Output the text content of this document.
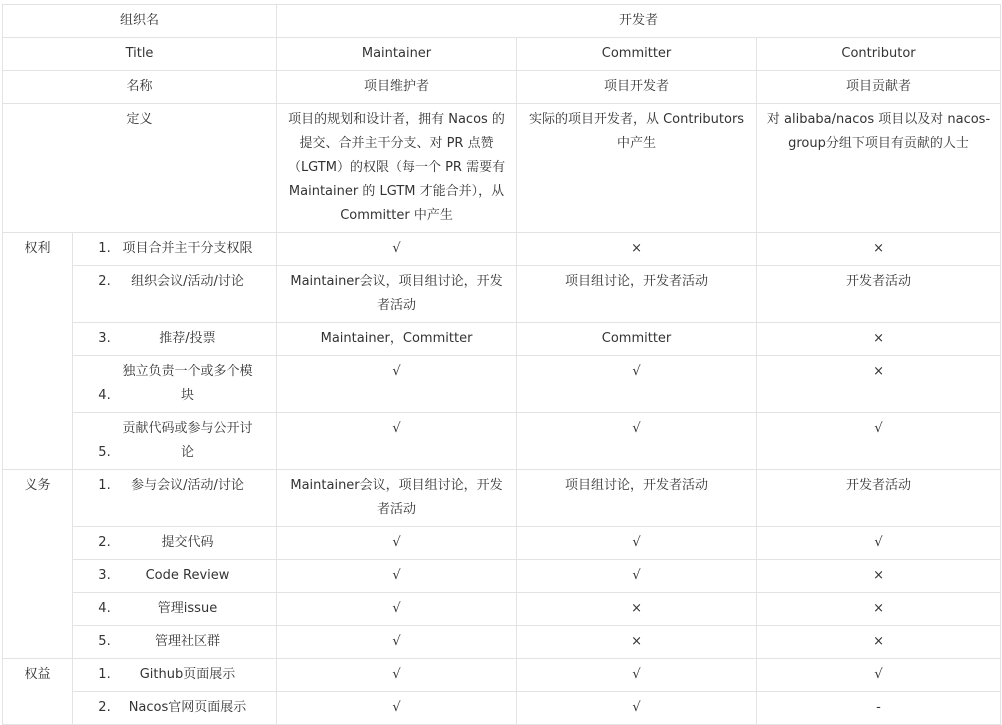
组织名		开发者		
Title		Maintainer	Committer	Contributor
名称		项目维护者	项目开发者	项目贡献者
定义		项目的规划和设计者，拥有 Nacos 的提交、合并主干分支、对 PR 点赞（LGTM）的权限（每一个 PR 需要有 Maintainer 的 LGTM 才能合并），从 Committer 中产生	实际的项目开发者，从 Contributors 中产生	对 alibaba/nacos 项目以及对 nacos-group分组下项目有贡献的人士
权利	1. 项目合并主干分支权限	√	×	×
	2. 组织会议/活动/讨论	Maintainer会议，项目组讨论，开发者活动	项目组讨论，开发者活动	开发者活动
	3. 推荐/投票	Maintainer，Committer	Committer	×
	4.独立负责一个或多个模块	√	√	×
	5.贡献代码或参与公开讨论	√	√	√
义务	1. 参与会议/活动/讨论	Maintainer会议，项目组讨论，开发者活动	项目组讨论，开发者活动	开发者活动
	2. 提交代码	√	√	√
	3. Code Review	√	√	×
	4. 管理issue	√	×	×
	5. 管理社区群	√	×	×
权益	1. Github页面展示	√	√	√
	2. Nacos官网页面展示	√	√	-
